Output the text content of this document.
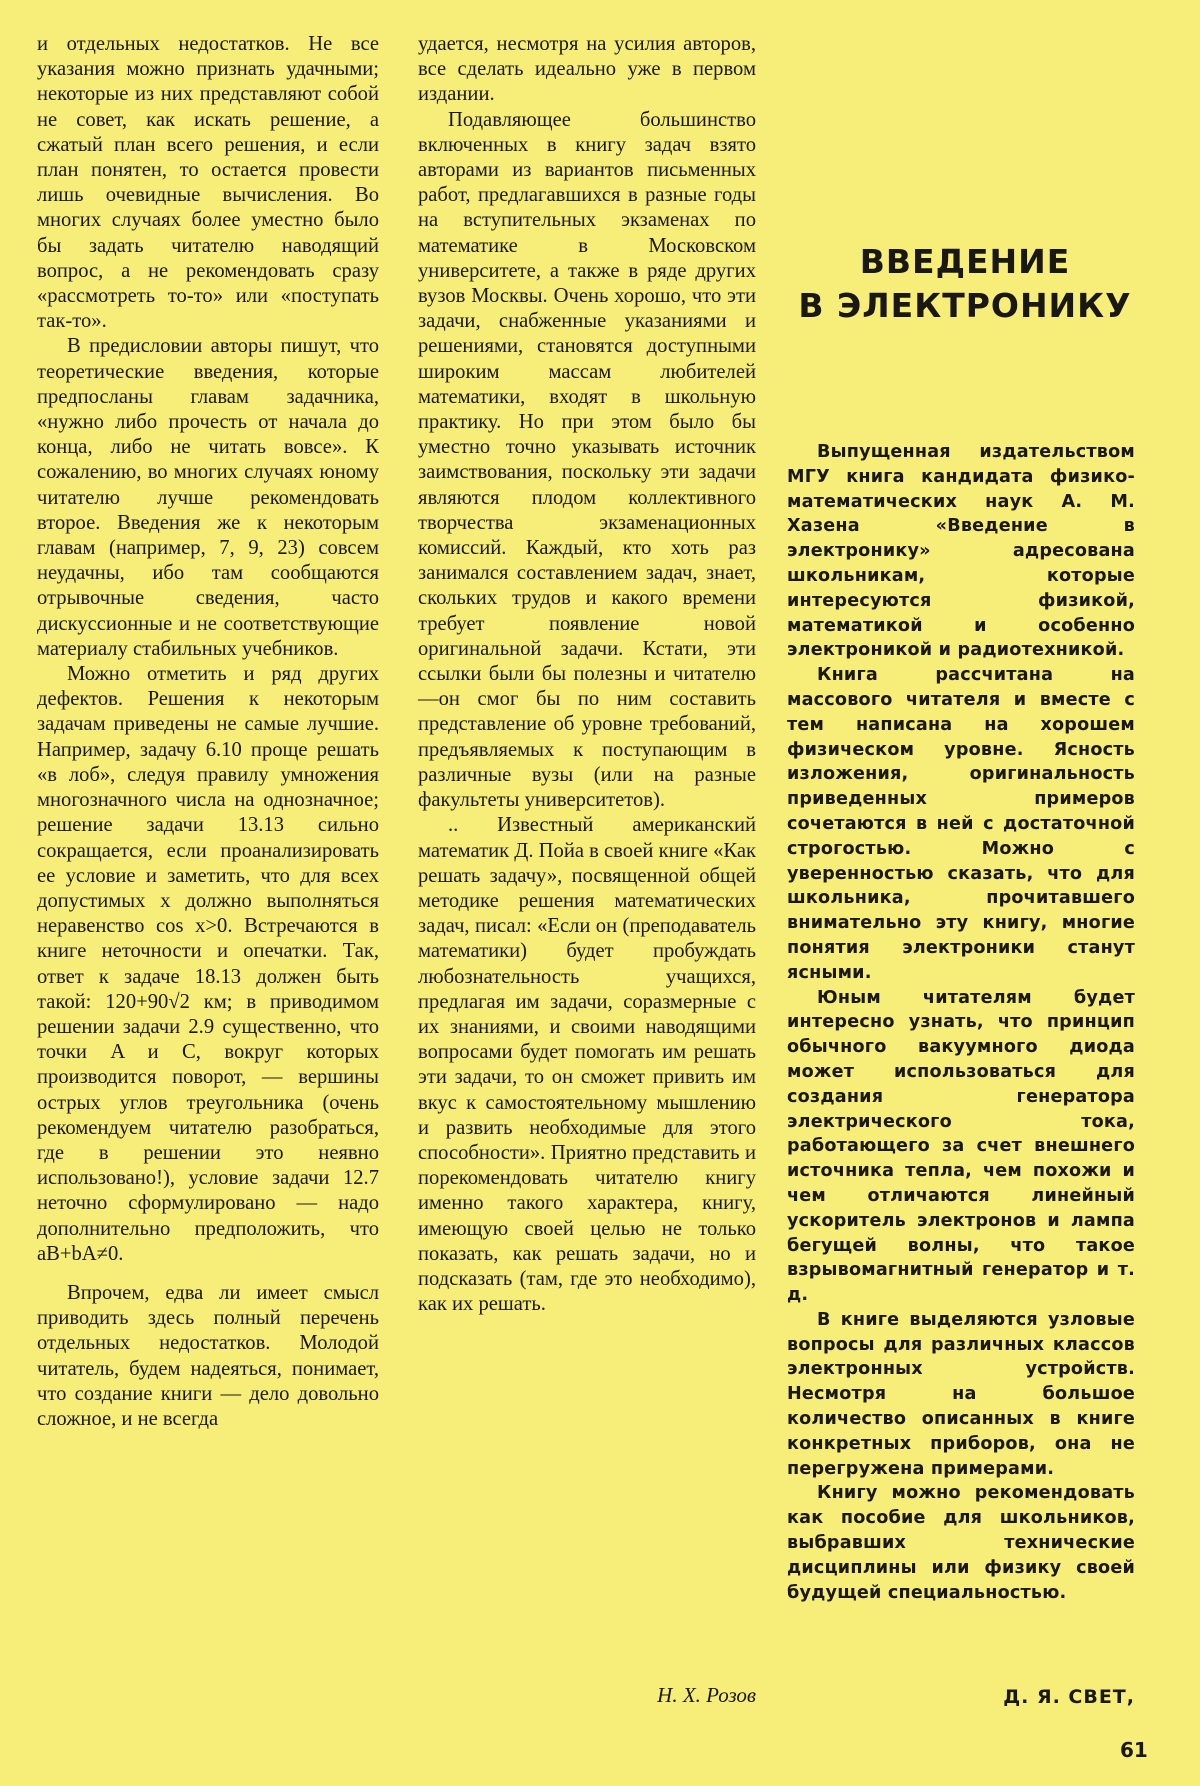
и отдельных недостатков. Не все указания можно признать удачными; некоторые из них представляют собой не совет, как искать решение, а сжатый план всего решения, и если план понятен, то остается провести лишь очевидные вычисления. Во многих случаях более уместно было бы задать читателю наводящий вопрос, а не рекомендовать сразу «рассмотреть то-то» или «поступать так-то».

В предисловии авторы пишут, что теоретические введения, которые предпосланы главам задачника, «нужно либо прочесть от начала до конца, либо не читать вовсе». К сожалению, во многих случаях юному читателю лучше рекомендовать второе. Введения же к некоторым главам (например, 7, 9, 23) совсем неудачны, ибо там сообщаются отрывочные сведения, часто дискуссионные и не соответствующие материалу стабильных учебников.

Можно отметить и ряд других дефектов. Решения к некоторым задачам приведены не самые лучшие. Например, задачу 6.10 проще решать «в лоб», следуя правилу умножения многозначного числа на однозначное; решение задачи 13.13 сильно сокращается, если проанализировать ее условие и заметить, что для всех допустимых x должно выполняться неравенство cos x>0. Встречаются в книге неточности и опечатки. Так, ответ к задаче 18.13 должен быть такой: 120+90√2 км; в приводимом решении задачи 2.9 существенно, что точки A и C, вокруг которых производится поворот, — вершины острых углов треугольника (очень рекомендуем читателю разобраться, где в решении это неявно использовано!), условие задачи 12.7 неточно сформулировано — надо дополнительно предположить, что aB+bA≠0.

Впрочем, едва ли имеет смысл приводить здесь полный перечень отдельных недостатков. Молодой читатель, будем надеяться, понимает, что создание книги — дело довольно сложное, и не всегда

удается, несмотря на усилия авторов, все сделать идеально уже в первом издании.

Подавляющее большинство включенных в книгу задач взято авторами из вариантов письменных работ, предлагавшихся в разные годы на вступительных экзаменах по математике в Московском университете, а также в ряде других вузов Москвы. Очень хорошо, что эти задачи, снабженные указаниями и решениями, становятся доступными широким массам любителей математики, входят в школьную практику. Но при этом было бы уместно точно указывать источник заимствования, поскольку эти задачи являются плодом коллективного творчества экзаменационных комиссий. Каждый, кто хоть раз занимался составлением задач, знает, скольких трудов и какого времени требует появление новой оригинальной задачи. Кстати, эти ссылки были бы полезны и читателю —он смог бы по ним составить представление об уровне требований, предъявляемых к поступающим в различные вузы (или на разные факультеты университетов).

.. Известный американский математик Д. Пойа в своей книге «Как решать задачу», посвященной общей методике решения математических задач, писал: «Если он (преподаватель математики) будет пробуждать любознательность учащихся, предлагая им задачи, соразмерные с их знаниями, и своими наводящими вопросами будет помогать им решать эти задачи, то он сможет привить им вкус к самостоятельному мышлению и развить необходимые для этого способности». Приятно представить и порекомендовать читателю книгу именно такого характера, книгу, имеющую своей целью не только показать, как решать задачи, но и подсказать (там, где это необходимо), как их решать.

Н. Х. Розов
ВВЕДЕНИЕ
В ЭЛЕКТРОНИКУ

Выпущенная издательством МГУ книга кандидата физико-математических наук А. М. Хазена «Введение в электронику» адресована школьникам, которые интересуются физикой, математикой и особенно электроникой и радиотехникой.

Книга рассчитана на массового читателя и вместе с тем написана на хорошем физическом уровне. Ясность изложения, оригинальность приведенных примеров сочетаются в ней с достаточной строгостью. Можно с уверенностью сказать, что для школьника, прочитавшего внимательно эту книгу, многие понятия электроники станут ясными.

Юным читателям будет интересно узнать, что принцип обычного вакуумного диода может использоваться для создания генератора электрического тока, работающего за счет внешнего источника тепла, чем похожи и чем отличаются линейный ускоритель электронов и лампа бегущей волны, что такое взрывомагнитный генератор и т. д.

В книге выделяются узловые вопросы для различных классов электронных устройств. Несмотря на большое количество описанных в книге конкретных приборов, она не перегружена примерами.

Книгу можно рекомендовать как пособие для школьников, выбравших технические дисциплины или физику своей будущей специальностью.

Д. Я. СВЕТ,
61
